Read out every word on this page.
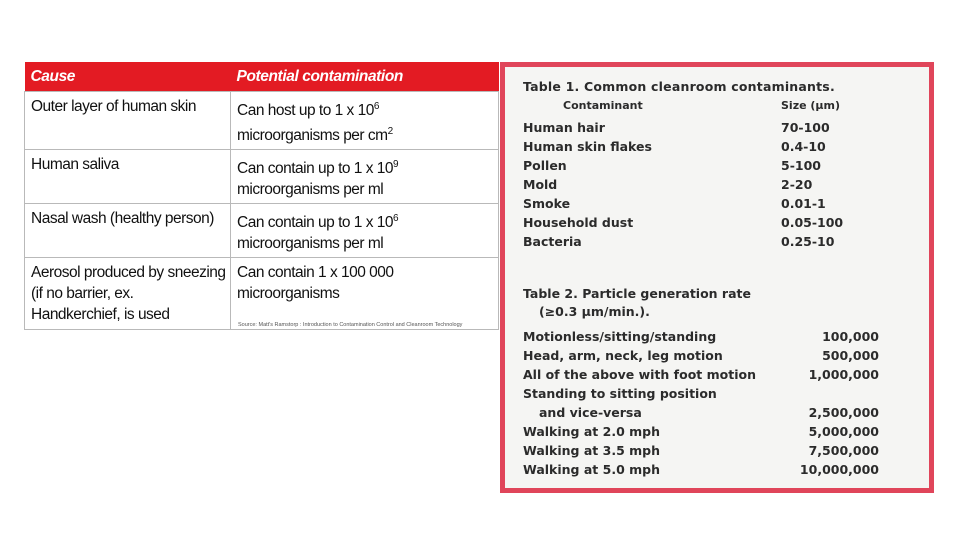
Cause	Potential contamination
Outer layer of human skin	Can host up to 1 x $10^6$
microorganisms per $cm^2$
Human saliva	Can contain up to 1 x $10^9$
microorganisms per ml
Nasal wash (healthy person)	Can contain up to 1 x $10^6$
microorganisms per ml
Aerosol produced by sneezing (if no barrier, ex. Handkerchief, is used	Can contain 1 x 100 000
microorganisms
Source: Matt's Ramstorp : Introduction to Contamination Control and Cleanroom Technology
Table 1. Common cleanroom contaminants.
Contaminant	Size (µm)
Human hair	70-100
Human skin flakes	0.4-10
Pollen	5-100
Mold	2-20
Smoke	0.01-1
Household dust	0.05-100
Bacteria	0.25-10
Table 2. Particle generation rate
(≥0.3 µm/min.).
Motionless/sitting/standing	100,000
Head, arm, neck, leg motion	500,000
All of the above with foot motion	1,000,000
Standing to sitting position
and vice-versa	2,500,000
Walking at 2.0 mph	5,000,000
Walking at 3.5 mph	7,500,000
Walking at 5.0 mph	10,000,000
